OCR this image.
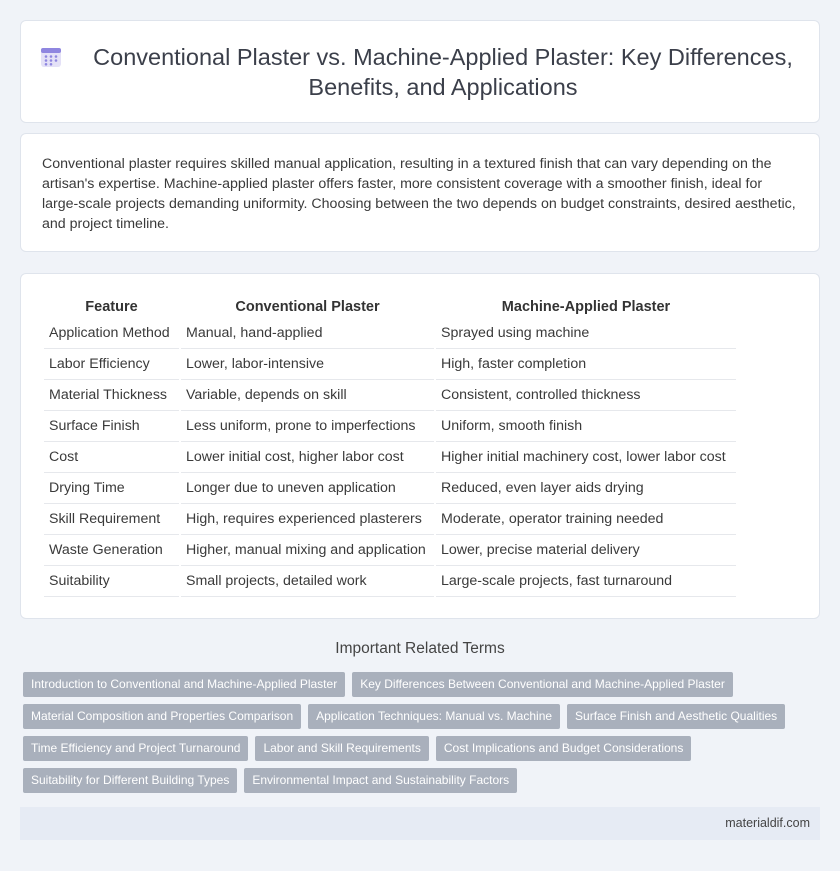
Conventional Plaster vs. Machine-Applied Plaster: Key Differences, Benefits, and Applications

Conventional plaster requires skilled manual application, resulting in a textured finish that can vary depending on the artisan's expertise. Machine-applied plaster offers faster, more consistent coverage with a smoother finish, ideal for large-scale projects demanding uniformity. Choosing between the two depends on budget constraints, desired aesthetic, and project timeline.

Feature	Conventional Plaster	Machine-Applied Plaster
Application Method	Manual, hand-applied	Sprayed using machine
Labor Efficiency	Lower, labor-intensive	High, faster completion
Material Thickness	Variable, depends on skill	Consistent, controlled thickness
Surface Finish	Less uniform, prone to imperfections	Uniform, smooth finish
Cost	Lower initial cost, higher labor cost	Higher initial machinery cost, lower labor cost
Drying Time	Longer due to uneven application	Reduced, even layer aids drying
Skill Requirement	High, requires experienced plasterers	Moderate, operator training needed
Waste Generation	Higher, manual mixing and application	Lower, precise material delivery
Suitability	Small projects, detailed work	Large-scale projects, fast turnaround
Important Related Terms
Introduction to Conventional and Machine-Applied Plaster	Key Differences Between Conventional and Machine-Applied Plaster
Material Composition and Properties Comparison	Application Techniques: Manual vs. Machine	Surface Finish and Aesthetic Qualities
Time Efficiency and Project Turnaround	Labor and Skill Requirements	Cost Implications and Budget Considerations
Suitability for Different Building Types	Environmental Impact and Sustainability Factors
materialdif.com
